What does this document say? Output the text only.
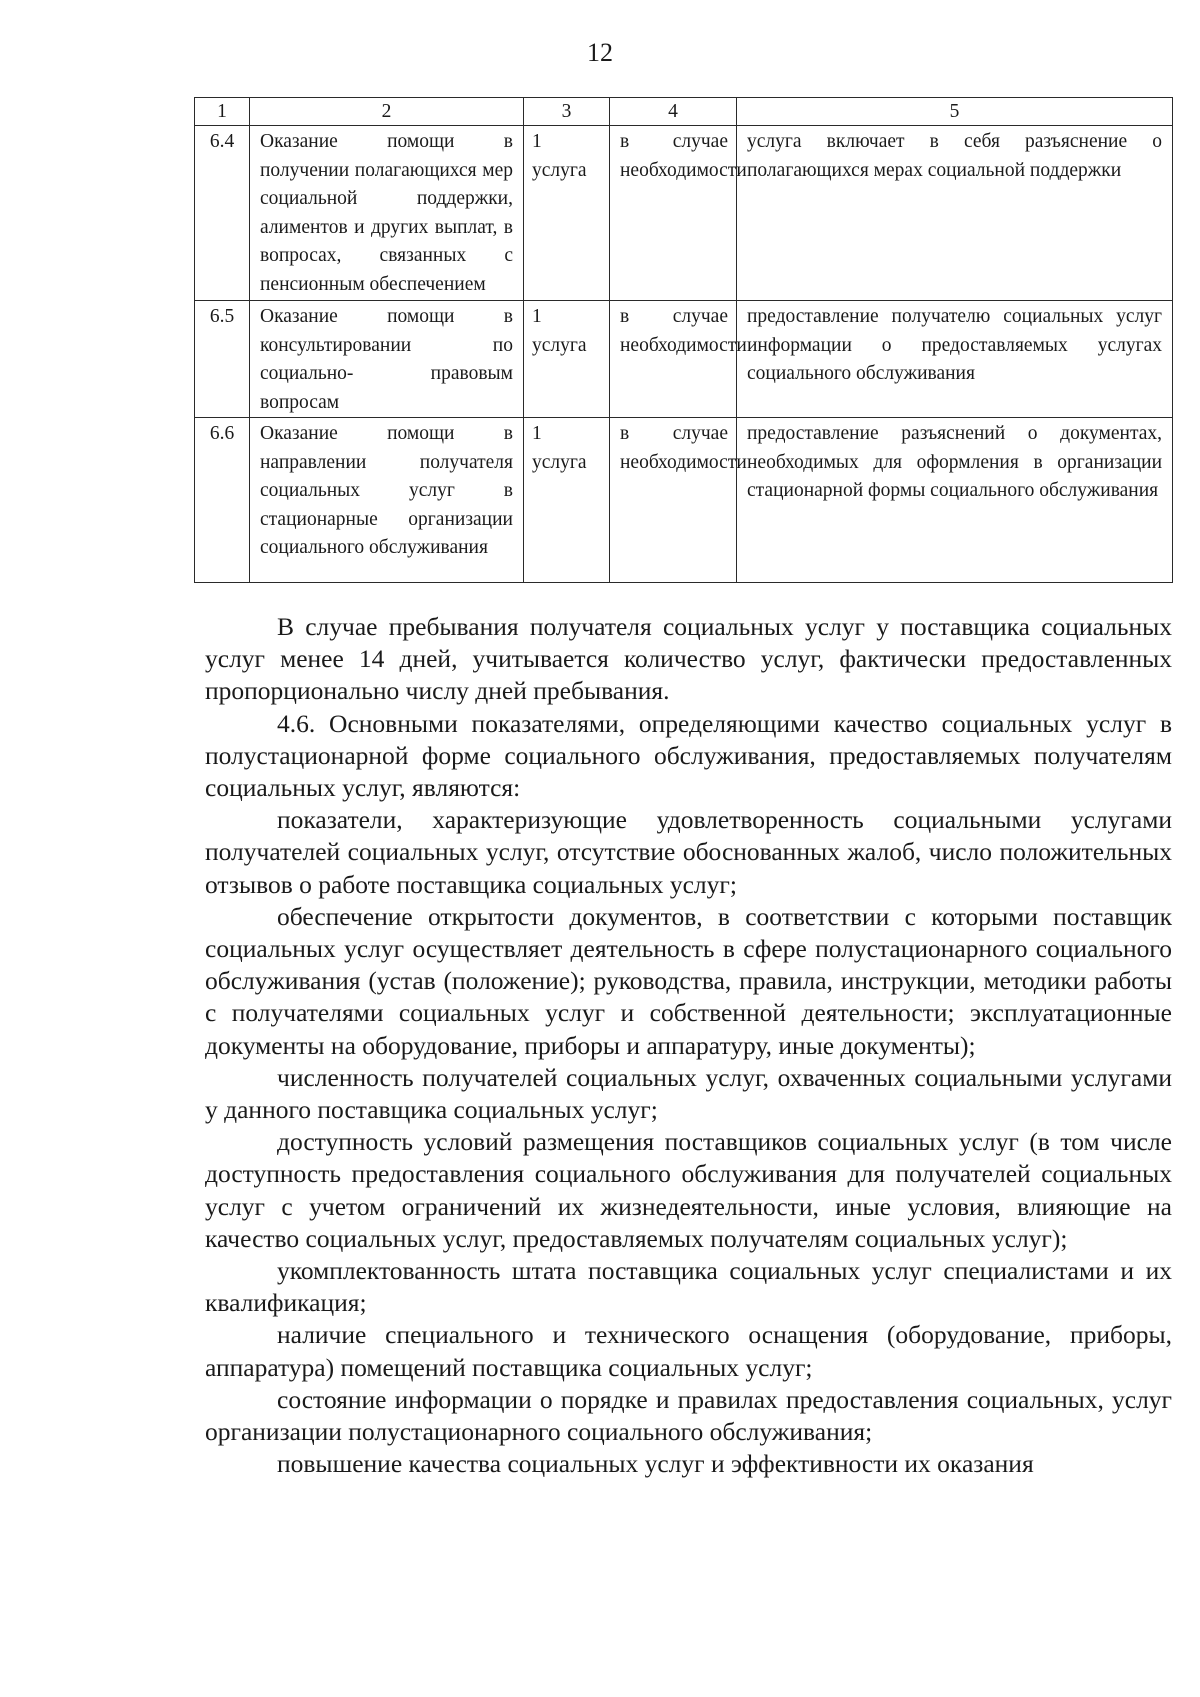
12
1	2	3	4	5
6.4	Оказание помощи в получении полагающихся мер социальной поддержки, алиментов и других выплат, в вопросах, связанных с пенсионным обеспечением	1 услуга	в случае необходимости	услуга включает в себя разъяснение о полагающихся мерах социальной поддержки
6.5	Оказание помощи в консультировании по социально- правовым вопросам	1 услуга	в случае необходимости	предоставление получателю социальных услуг информации о предоставляемых услугах социального обслуживания
6.6	Оказание помощи в направлении получателя социальных услуг в стационарные организации социального обслуживания	1 услуга	в случае необходимости	предоставление разъяснений о документах, необходимых для оформления в организации стационарной формы социального обслуживания

В случае пребывания получателя социальных услуг у поставщика социальных услуг менее 14 дней, учитывается количество услуг, фактически предоставленных пропорционально числу дней пребывания.

4.6. Основными показателями, определяющими качество социальных услуг в полустационарной форме социального обслуживания, предоставляемых получателям социальных услуг, являются:

показатели, характеризующие удовлетворенность социальными услугами получателей социальных услуг, отсутствие обоснованных жалоб, число положительных отзывов о работе поставщика социальных услуг;

обеспечение открытости документов, в соответствии с которыми поставщик социальных услуг осуществляет деятельность в сфере полустационарного социального обслуживания (устав (положение); руководства, правила, инструкции, методики работы с получателями социальных услуг и собственной деятельности; эксплуатационные документы на оборудование, приборы и аппаратуру, иные документы);

численность получателей социальных услуг, охваченных социальными услугами у данного поставщика социальных услуг;

доступность условий размещения поставщиков социальных услуг (в том числе доступность предоставления социального обслуживания для получателей социальных услуг с учетом ограничений их жизнедеятельности, иные условия, влияющие на качество социальных услуг, предоставляемых получателям социальных услуг);

укомплектованность штата поставщика социальных услуг специалистами и их квалификация;

наличие специального и технического оснащения (оборудование, приборы, аппаратура) помещений поставщика социальных услуг;

состояние информации о порядке и правилах предоставления социальных, услуг организации полустационарного социального обслуживания;

повышение качества социальных услуг и эффективности их оказания
